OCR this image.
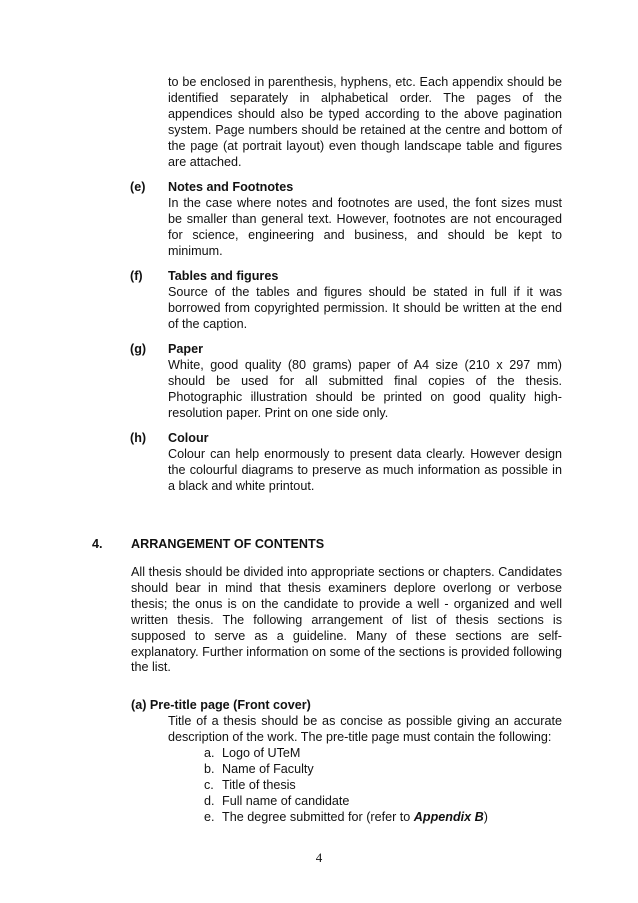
to be enclosed in parenthesis, hyphens, etc. Each appendix should be identified separately in alphabetical order. The pages of the appendices should also be typed according to the above pagination system. Page numbers should be retained at the centre and bottom of the page (at portrait layout) even though landscape table and figures are attached.

(e) Notes and Footnotes

In the case where notes and footnotes are used, the font sizes must be smaller than general text. However, footnotes are not encouraged for science, engineering and business, and should be kept to minimum.

(f) Tables and figures

Source of the tables and figures should be stated in full if it was borrowed from copyrighted permission. It should be written at the end of the caption.

(g) Paper

White, good quality (80 grams) paper of A4 size (210 x 297 mm) should be used for all submitted final copies of the thesis. Photographic illustration should be printed on good quality high-resolution paper. Print on one side only.

(h) Colour

Colour can help enormously to present data clearly. However design the colourful diagrams to preserve as much information as possible in a black and white printout.

4. ARRANGEMENT OF CONTENTS

All thesis should be divided into appropriate sections or chapters. Candidates should bear in mind that thesis examiners deplore overlong or verbose thesis; the onus is on the candidate to provide a well - organized and well written thesis. The following arrangement of list of thesis sections is supposed to serve as a guideline. Many of these sections are self-explanatory. Further information on some of the sections is provided following the list.

(a) Pre-title page (Front cover)

Title of a thesis should be as concise as possible giving an accurate description of the work. The pre-title page must contain the following:

a. Logo of UTeM
b. Name of Faculty
c. Title of thesis
d. Full name of candidate
e. The degree submitted for (refer to Appendix B)
4
